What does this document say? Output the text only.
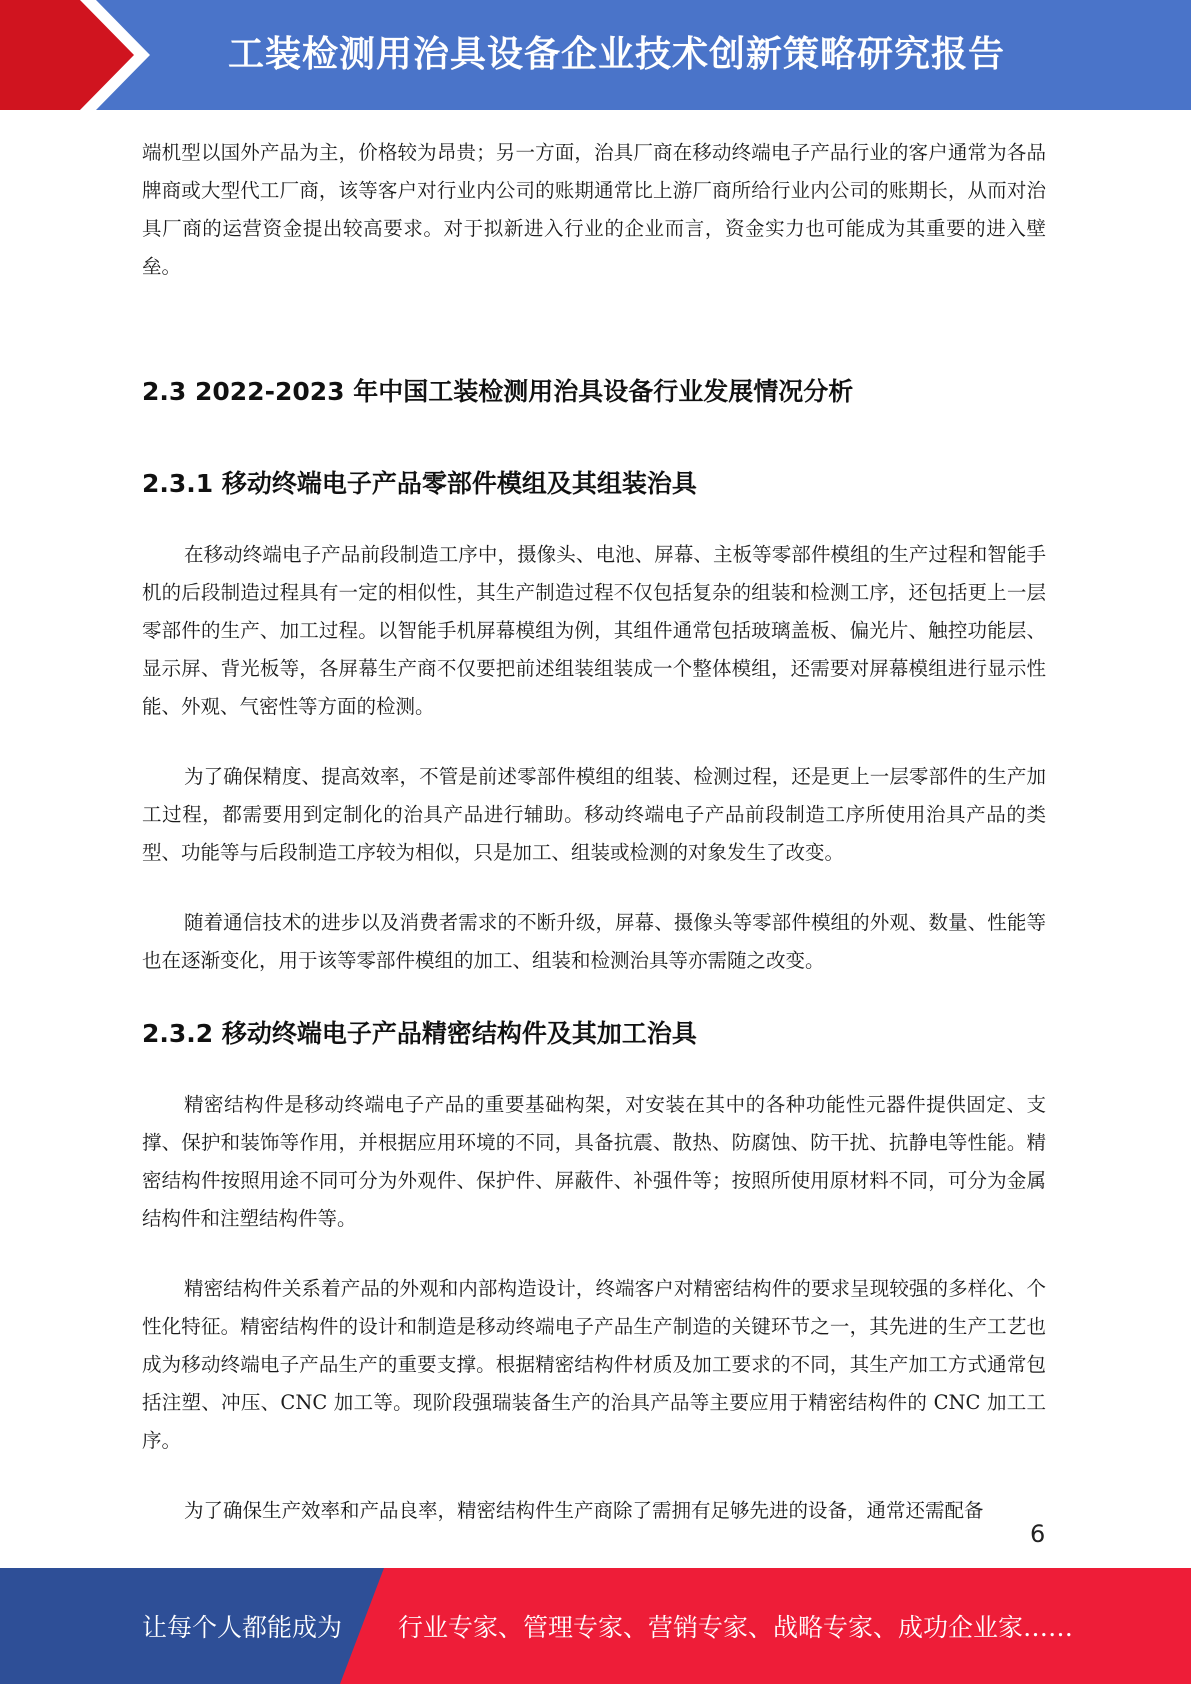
工装检测用治具设备企业技术创新策略研究报告

端机型以国外产品为主，价格较为昂贵；另一方面，治具厂商在移动终端电子产品行业的客户通常为各品牌商或大型代工厂商，该等客户对行业内公司的账期通常比上游厂商所给行业内公司的账期长，从而对治具厂商的运营资金提出较高要求。对于拟新进入行业的企业而言，资金实力也可能成为其重要的进入壁垒。

2.3 2022-2023 年中国工装检测用治具设备行业发展情况分析
2.3.1 移动终端电子产品零部件模组及其组装治具

在移动终端电子产品前段制造工序中，摄像头、电池、屏幕、主板等零部件模组的生产过程和智能手机的后段制造过程具有一定的相似性，其生产制造过程不仅包括复杂的组装和检测工序，还包括更上一层零部件的生产、加工过程。以智能手机屏幕模组为例，其组件通常包括玻璃盖板、偏光片、触控功能层、显示屏、背光板等，各屏幕生产商不仅要把前述组装组装成一个整体模组，还需要对屏幕模组进行显示性能、外观、气密性等方面的检测。

为了确保精度、提高效率，不管是前述零部件模组的组装、检测过程，还是更上一层零部件的生产加工过程，都需要用到定制化的治具产品进行辅助。移动终端电子产品前段制造工序所使用治具产品的类型、功能等与后段制造工序较为相似，只是加工、组装或检测的对象发生了改变。

随着通信技术的进步以及消费者需求的不断升级，屏幕、摄像头等零部件模组的外观、数量、性能等也在逐渐变化，用于该等零部件模组的加工、组装和检测治具等亦需随之改变。

2.3.2 移动终端电子产品精密结构件及其加工治具

精密结构件是移动终端电子产品的重要基础构架，对安装在其中的各种功能性元器件提供固定、支撑、保护和装饰等作用，并根据应用环境的不同，具备抗震、散热、防腐蚀、防干扰、抗静电等性能。精密结构件按照用途不同可分为外观件、保护件、屏蔽件、补强件等；按照所使用原材料不同，可分为金属结构件和注塑结构件等。

精密结构件关系着产品的外观和内部构造设计，终端客户对精密结构件的要求呈现较强的多样化、个性化特征。精密结构件的设计和制造是移动终端电子产品生产制造的关键环节之一，其先进的生产工艺也成为移动终端电子产品生产的重要支撑。根据精密结构件材质及加工要求的不同，其生产加工方式通常包括注塑、冲压、CNC 加工等。现阶段强瑞装备生产的治具产品等主要应用于精密结构件的 CNC 加工工序。

为了确保生产效率和产品良率，精密结构件生产商除了需拥有足够先进的设备，通常还需配备

6
让每个人都能成为 行业专家、管理专家、营销专家、战略专家、成功企业家……
